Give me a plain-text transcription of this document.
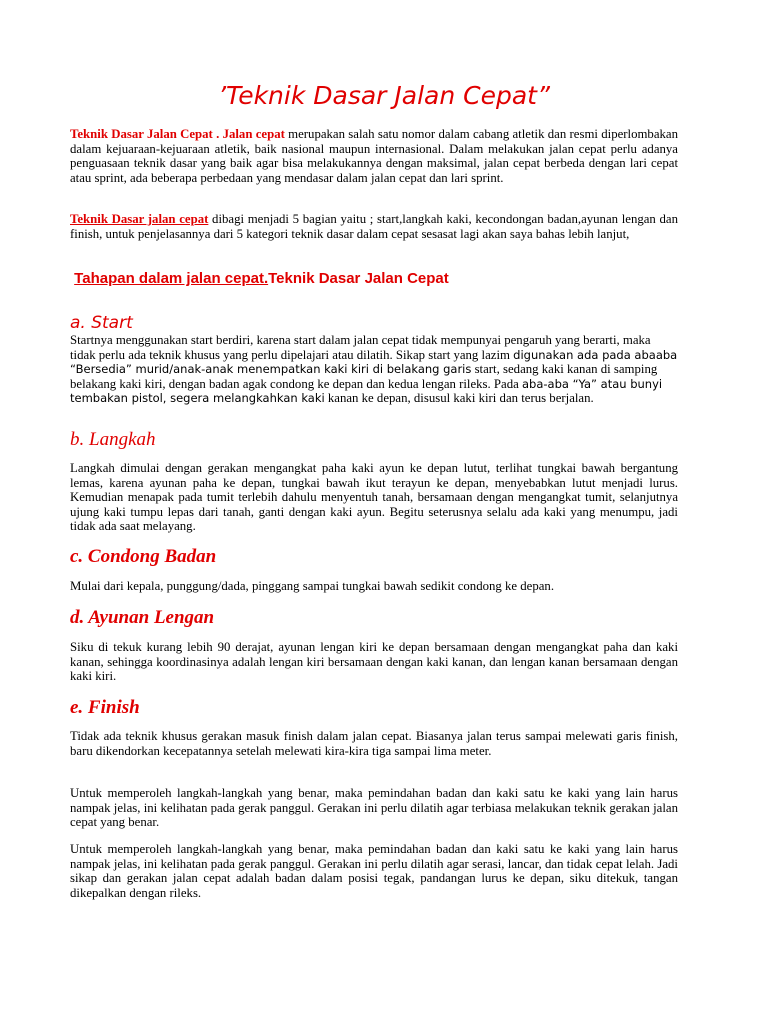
’Teknik Dasar Jalan Cepat”

Teknik Dasar Jalan Cepat . Jalan cepat merupakan salah satu nomor dalam cabang atletik dan resmi diperlombakan dalam kejuaraan-kejuaraan atletik, baik nasional maupun internasional. Dalam melakukan jalan cepat perlu adanya penguasaan teknik dasar yang baik agar bisa melakukannya dengan maksimal, jalan cepat berbeda dengan lari cepat atau sprint, ada beberapa perbedaan yang mendasar dalam jalan cepat dan lari sprint.

Teknik Dasar jalan cepat dibagi menjadi 5 bagian yaitu ; start,langkah kaki, kecondongan badan,ayunan lengan dan finish, untuk penjelasannya dari 5 kategori teknik dasar dalam cepat sesasat lagi akan saya bahas lebih lanjut,

Tahapan dalam jalan cepat.Teknik Dasar Jalan Cepat

a. Start

Startnya menggunakan start berdiri, karena start dalam jalan cepat tidak mempunyai pengaruh yang berarti, maka tidak perlu ada teknik khusus yang perlu dipelajari atau dilatih. Sikap start yang lazim digunakan ada pada abaaba “Bersedia” murid/anak-anak menempatkan kaki kiri di belakang garis start, sedang kaki kanan di samping belakang kaki kiri, dengan badan agak condong ke depan dan kedua lengan rileks. Pada aba-aba “Ya” atau bunyi tembakan pistol, segera melangkahkan kaki kanan ke depan, disusul kaki kiri dan terus berjalan.

b. Langkah

Langkah dimulai dengan gerakan mengangkat paha kaki ayun ke depan lutut, terlihat tungkai bawah bergantung lemas, karena ayunan paha ke depan, tungkai bawah ikut terayun ke depan, menyebabkan lutut menjadi lurus. Kemudian menapak pada tumit terlebih dahulu menyentuh tanah, bersamaan dengan mengangkat tumit, selanjutnya ujung kaki tumpu lepas dari tanah, ganti dengan kaki ayun. Begitu seterusnya selalu ada kaki yang menumpu, jadi tidak ada saat melayang.

c. Condong Badan

Mulai dari kepala, punggung/dada, pinggang sampai tungkai bawah sedikit condong ke depan.

d. Ayunan Lengan

Siku di tekuk kurang lebih 90 derajat, ayunan lengan kiri ke depan bersamaan dengan mengangkat paha dan kaki kanan, sehingga koordinasinya adalah lengan kiri bersamaan dengan kaki kanan, dan lengan kanan bersamaan dengan kaki kiri.

e. Finish

Tidak ada teknik khusus gerakan masuk finish dalam jalan cepat. Biasanya jalan terus sampai melewati garis finish, baru dikendorkan kecepatannya setelah melewati kira-kira tiga sampai lima meter.

Untuk memperoleh langkah-langkah yang benar, maka pemindahan badan dan kaki satu ke kaki yang lain harus nampak jelas, ini kelihatan pada gerak panggul. Gerakan ini perlu dilatih agar terbiasa melakukan teknik gerakan jalan cepat yang benar.

Untuk memperoleh langkah-langkah yang benar, maka pemindahan badan dan kaki satu ke kaki yang lain harus nampak jelas, ini kelihatan pada gerak panggul. Gerakan ini perlu dilatih agar serasi, lancar, dan tidak cepat lelah. Jadi sikap dan gerakan jalan cepat adalah badan dalam posisi tegak, pandangan lurus ke depan, siku ditekuk, tangan dikepalkan dengan rileks.
